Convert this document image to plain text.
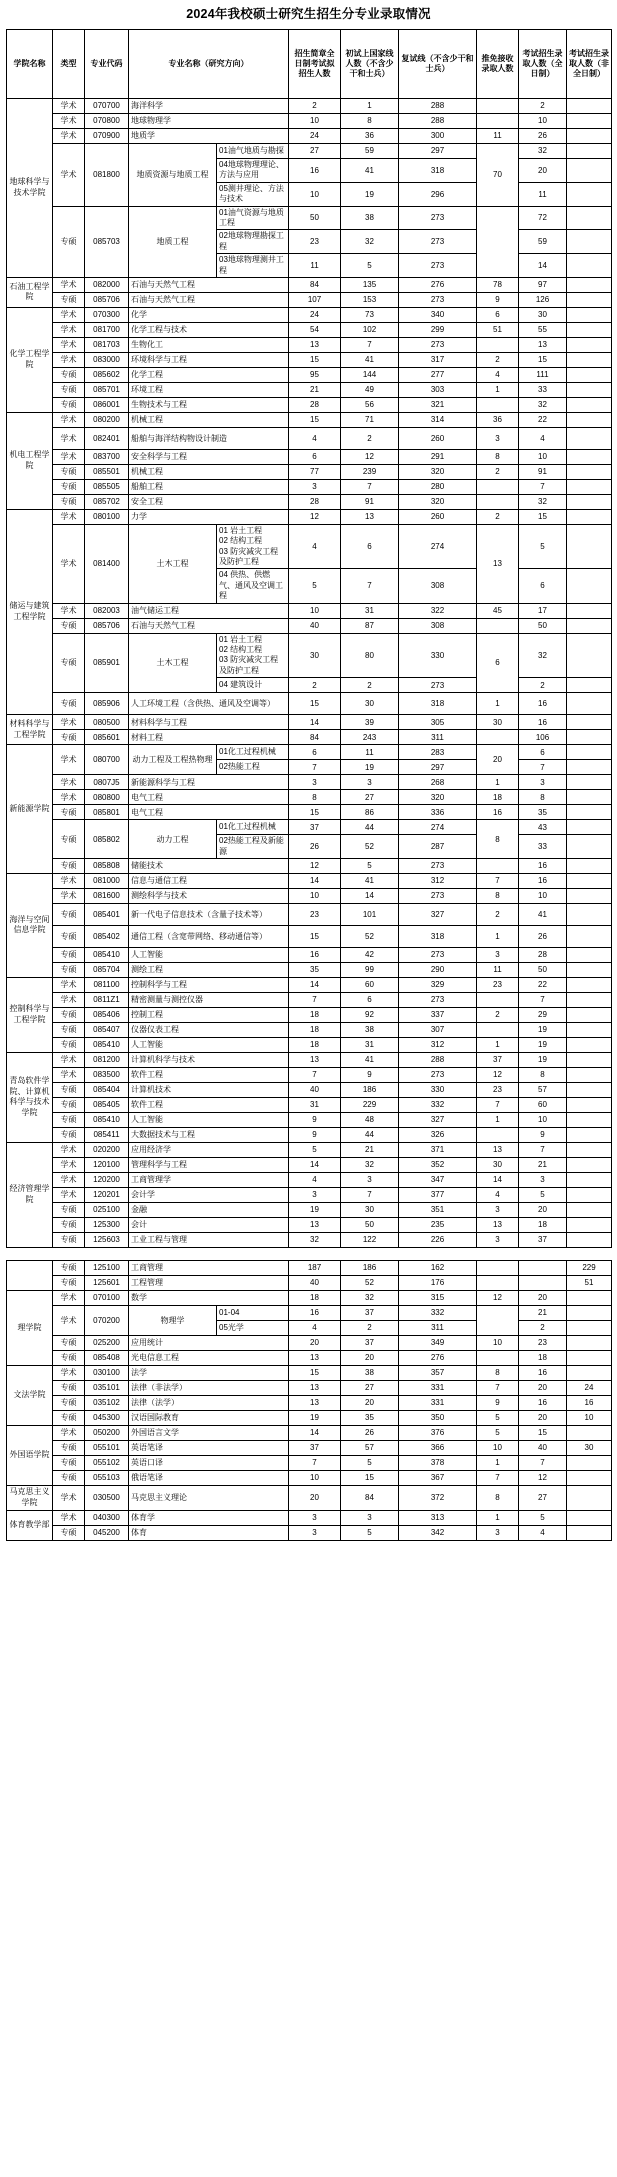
2024年我校硕士研究生招生分专业录取情况
学院名称	类型	专业代码	专业名称（研究方向）		招生简章全日制考试拟招生人数	初试上国家线人数（不含少干和士兵）	复试线（不含少干和士兵）	推免接收录取人数	考试招生录取人数（全日制）	考试招生录取人数（非全日制）
地球科学与技术学院	学术	070700	海洋科学		2	1	288		2	
	学术	070800	地球物理学		10	8	288		10	
	学术	070900	地质学		24	36	300	11	26	
	学术	081800	地质资源与地质工程	01油气地质与勘探	27	59	297	70	32	
				04地球物理理论、方法与应用	16	41	318		20	
				05测井理论、方法与技术	10	19	296		11	
	专硕	085703	地质工程	01油气资源与地质工程	50	38	273		72	
				02地球物理勘探工程	23	32	273		59	
				03地球物理测井工程	11	5	273		14	
石油工程学院	学术	082000	石油与天然气工程		84	135	276	78	97	
	专硕	085706	石油与天然气工程		107	153	273	9	126	
化学工程学院	学术	070300	化学		24	73	340	6	30	
	学术	081700	化学工程与技术		54	102	299	51	55	
	学术	081703	生物化工		13	7	273		13	
	学术	083000	环境科学与工程		15	41	317	2	15	
	专硕	085602	化学工程		95	144	277	4	111	
	专硕	085701	环境工程		21	49	303	1	33	
	专硕	086001	生物技术与工程		28	56	321		32	
机电工程学院	学术	080200	机械工程		15	71	314	36	22	
	学术	082401	船舶与海洋结构物设计制造		4	2	260	3	4	
	学术	083700	安全科学与工程		6	12	291	8	10	
	专硕	085501	机械工程		77	239	320	2	91	
	专硕	085505	船舶工程		3	7	280		7	
	专硕	085702	安全工程		28	91	320		32	
储运与建筑工程学院	学术	080100	力学		12	13	260	2	15	
	学术	081400	土木工程	01 岩土工程
02 结构工程
03 防灾减灾工程及防护工程	4	6	274	13	5	
				04 供热、供燃气、通风及空调工程	5	7	308		6	
	学术	082003	油气储运工程		10	31	322	45	17	
	专硕	085706	石油与天然气工程		40	87	308		50	
	专硕	085901	土木工程	01 岩土工程
02 结构工程
03 防灾减灾工程及防护工程	30	80	330	6	32	
				04 建筑设计	2	2	273		2	
	专硕	085906	人工环境工程（含供热、通风及空调等）		15	30	318	1	16	
材料科学与工程学院	学术	080500	材料科学与工程		14	39	305	30	16	
	专硕	085601	材料工程		84	243	311		106	
新能源学院	学术	080700	动力工程及工程热物理	01化工过程机械	6	11	283	20	6	
				02热能工程	7	19	297		7	
	学术	0807J5	新能源科学与工程		3	3	268	1	3	
	学术	080800	电气工程		8	27	320	18	8	
	专硕	085801	电气工程		15	86	336	16	35	
	专硕	085802	动力工程	01化工过程机械	37	44	274	8	43	
				02热能工程及新能源	26	52	287		33	
	专硕	085808	储能技术		12	5	273		16	
海洋与空间信息学院	学术	081000	信息与通信工程		14	41	312	7	16	
	学术	081600	测绘科学与技术		10	14	273	8	10	
	专硕	085401	新一代电子信息技术（含量子技术等）		23	101	327	2	41	
	专硕	085402	通信工程（含宽带网络、移动通信等）		15	52	318	1	26	
	专硕	085410	人工智能		16	42	273	3	28	
	专硕	085704	测绘工程		35	99	290	11	50	
控制科学与工程学院	学术	081100	控制科学与工程		14	60	329	23	22	
	学术	0811Z1	精密测量与测控仪器		7	6	273		7	
	专硕	085406	控制工程		18	92	337	2	29	
	专硕	085407	仪器仪表工程		18	38	307		19	
	专硕	085410	人工智能		18	31	312	1	19	
青岛软件学院、计算机科学与技术学院	学术	081200	计算机科学与技术		13	41	288	37	19	
	学术	083500	软件工程		7	9	273	12	8	
	专硕	085404	计算机技术		40	186	330	23	57	
	专硕	085405	软件工程		31	229	332	7	60	
	专硕	085410	人工智能		9	48	327	1	10	
	专硕	085411	大数据技术与工程		9	44	326		9	
经济管理学院	学术	020200	应用经济学		5	21	371	13	7	
	学术	120100	管理科学与工程		14	32	352	30	21	
	学术	120200	工商管理学		4	3	347	14	3	
	学术	120201	会计学		3	7	377	4	5	
	专硕	025100	金融		19	30	351	3	20	
	专硕	125300	会计		13	50	235	13	18	
	专硕	125603	工业工程与管理		32	122	226	3	37	
	专硕	125100	工商管理		187	186	162			229
	专硕	125601	工程管理		40	52	176			51
理学院	学术	070100	数学		18	32	315	12	20	
	学术	070200	物理学	01-04	16	37	332		21	
				05光学	4	2	311		2	
	专硕	025200	应用统计		20	37	349	10	23	
	专硕	085408	光电信息工程		13	20	276		18	
文法学院	学术	030100	法学		15	38	357	8	16	
	专硕	035101	法律（非法学）		13	27	331	7	20	24
	专硕	035102	法律（法学）		13	20	331	9	16	16
	专硕	045300	汉语国际教育		19	35	350	5	20	10
外国语学院	学术	050200	外国语言文学		14	26	376	5	15	
	专硕	055101	英语笔译		37	57	366	10	40	30
	专硕	055102	英语口译		7	5	378	1	7	
	专硕	055103	俄语笔译		10	15	367	7	12	
马克思主义学院	学术	030500	马克思主义理论		20	84	372	8	27	
体育教学部	学术	040300	体育学		3	3	313	1	5	
	专硕	045200	体育		3	5	342	3	4	
